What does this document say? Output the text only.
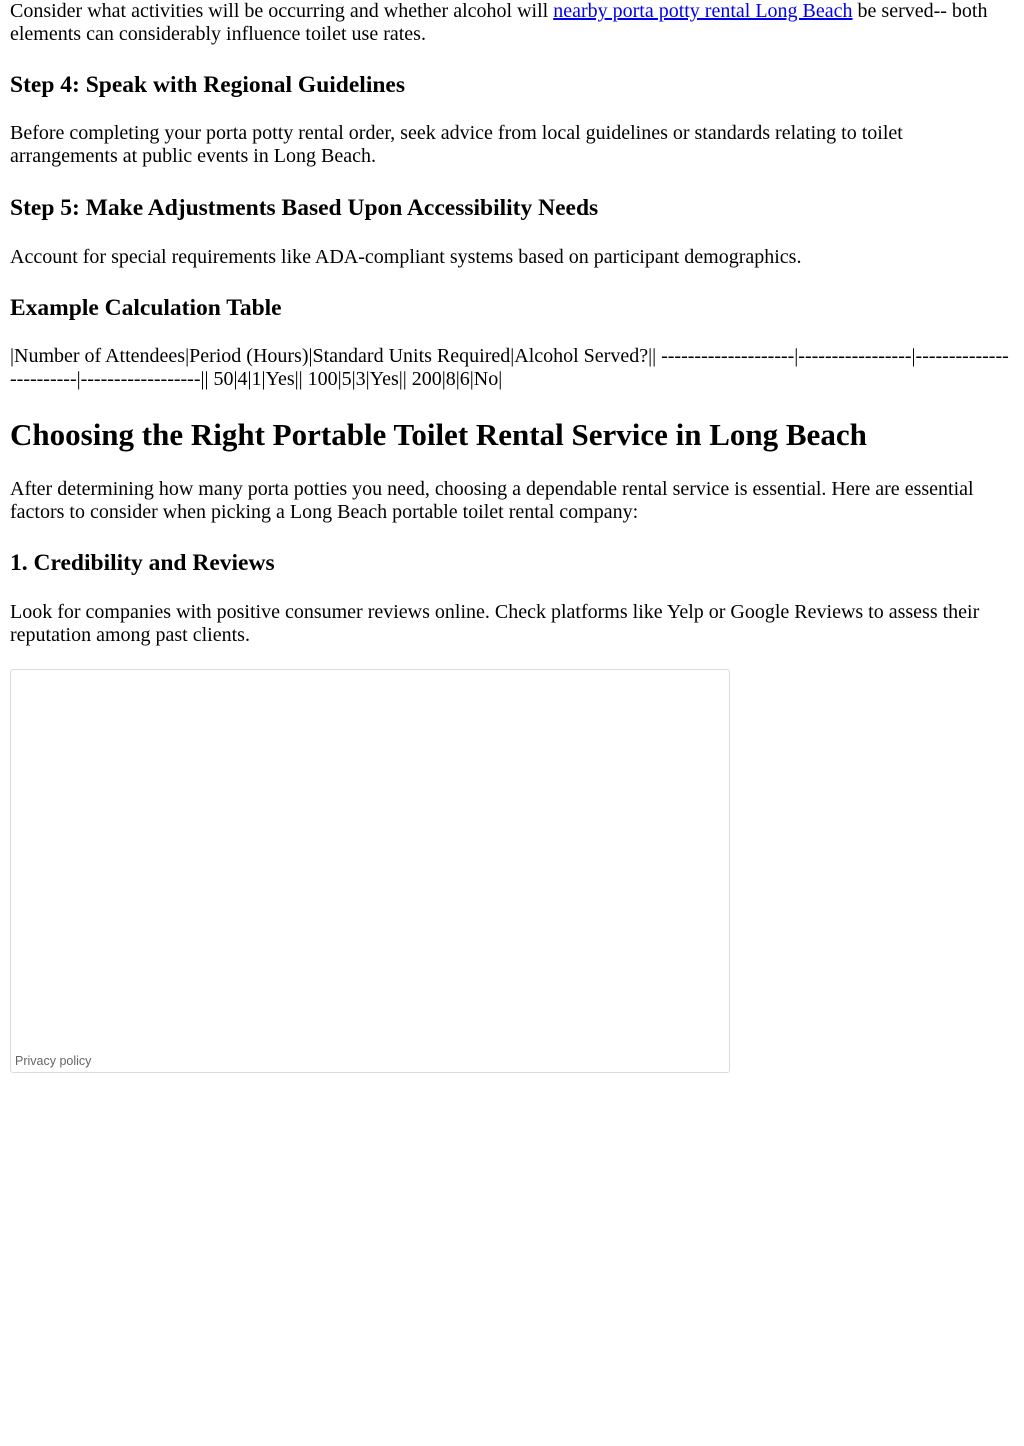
Consider what activities will be occurring and whether alcohol will nearby porta potty rental Long Beach be served-- both elements can considerably influence toilet use rates.

Step 4: Speak with Regional Guidelines

Before completing your porta potty rental order, seek advice from local guidelines or standards relating to toilet arrangements at public events in Long Beach.

Step 5: Make Adjustments Based Upon Accessibility Needs

Account for special requirements like ADA-compliant systems based on participant demographics.

Example Calculation Table

|Number of Attendees|Period (Hours)|Standard Units Required|Alcohol Served?|| --------------------|-----------------|------------------------|------------------|| 50|4|1|Yes|| 100|5|3|Yes|| 200|8|6|No|

Choosing the Right Portable Toilet Rental Service in Long Beach

After determining how many porta potties you need, choosing a dependable rental service is essential. Here are essential factors to consider when picking a Long Beach portable toilet rental company:

1. Credibility and Reviews

Look for companies with positive consumer reviews online. Check platforms like Yelp or Google Reviews to assess their reputation among past clients.

Privacy policy
